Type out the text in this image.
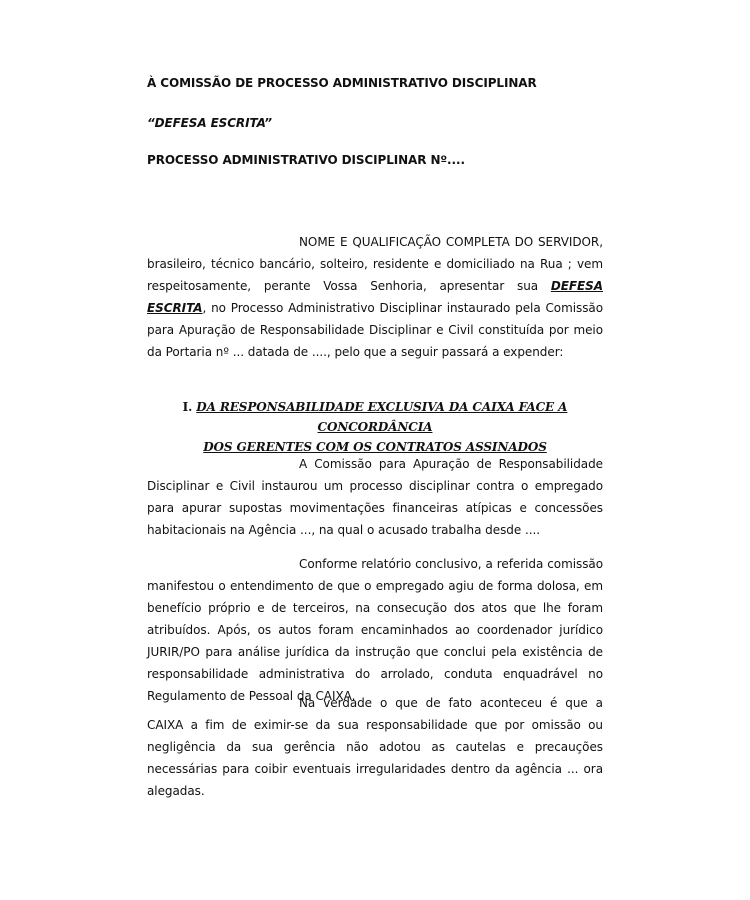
À COMISSÃO DE PROCESSO ADMINISTRATIVO DISCIPLINAR
“DEFESA ESCRITA”
PROCESSO ADMINISTRATIVO DISCIPLINAR Nº....

NOME E QUALIFICAÇÃO COMPLETA DO SERVIDOR, brasileiro, técnico bancário, solteiro, residente e domiciliado na Rua ; vem respeitosamente, perante Vossa Senhoria, apresentar sua DEFESA ESCRITA, no Processo Administrativo Disciplinar instaurado pela Comissão para Apuração de Responsabilidade Disciplinar e Civil constituída por meio da Portaria nº ... datada de ...., pelo que a seguir passará a expender:

I. DA RESPONSABILIDADE EXCLUSIVA DA CAIXA FACE A CONCORDÂNCIA
DOS GERENTES COM OS CONTRATOS ASSINADOS

A Comissão para Apuração de Responsabilidade Disciplinar e Civil instaurou um processo disciplinar contra o empregado para apurar supostas movimentações financeiras atípicas e concessões habitacionais na Agência ..., na qual o acusado trabalha desde ....

Conforme relatório conclusivo, a referida comissão manifestou o entendimento de que o empregado agiu de forma dolosa, em benefício próprio e de terceiros, na consecução dos atos que lhe foram atribuídos. Após, os autos foram encaminhados ao coordenador jurídico JURIR/PO para análise jurídica da instrução que conclui pela existência de responsabilidade administrativa do arrolado, conduta enquadrável no Regulamento de Pessoal da CAIXA.

Na verdade o que de fato aconteceu é que a CAIXA a fim de eximir-se da sua responsabilidade que por omissão ou negligência da sua gerência não adotou as cautelas e precauções necessárias para coibir eventuais irregularidades dentro da agência ... ora alegadas.
